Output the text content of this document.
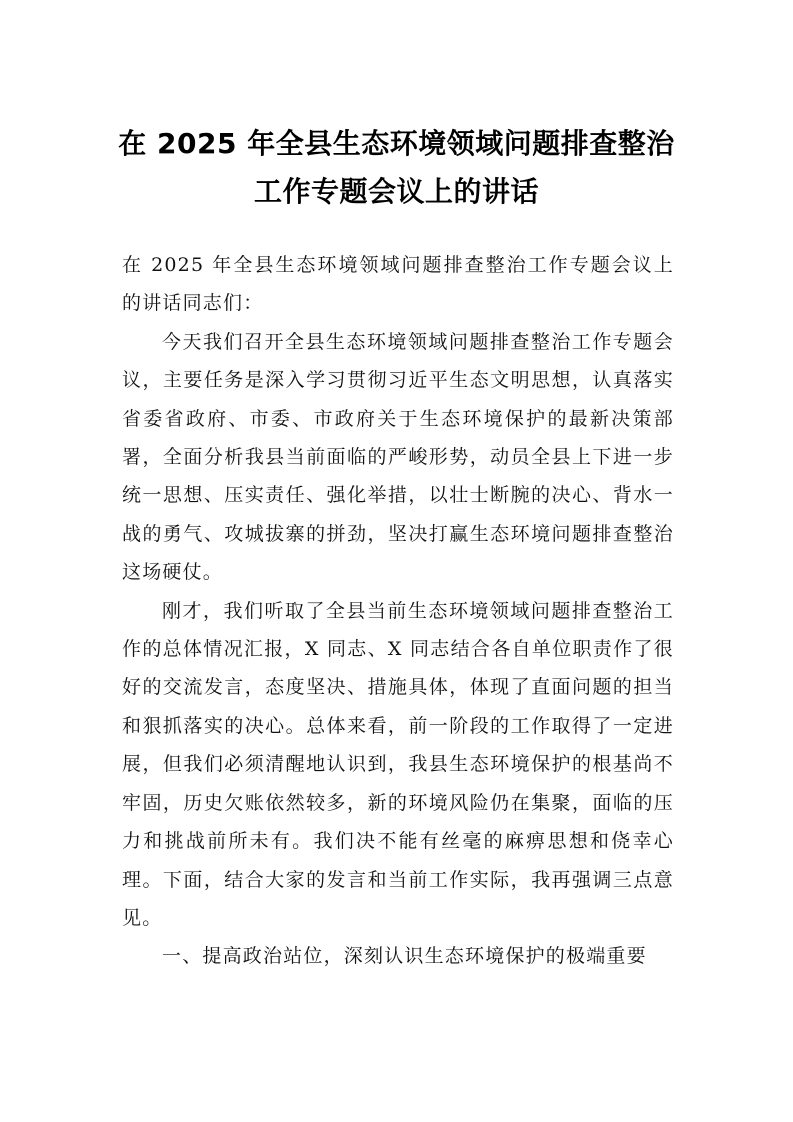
在 2025 年全县生态环境领域问题排查整治
工作专题会议上的讲话

在 2025 年全县生态环境领域问题排查整治工作专题会议上的讲话同志们：

今天我们召开全县生态环境领域问题排查整治工作专题会议，主要任务是深入学习贯彻习近平生态文明思想，认真落实省委省政府、市委、市政府关于生态环境保护的最新决策部署，全面分析我县当前面临的严峻形势，动员全县上下进一步统一思想、压实责任、强化举措，以壮士断腕的决心、背水一战的勇气、攻城拔寨的拼劲，坚决打赢生态环境问题排查整治这场硬仗。

刚才，我们听取了全县当前生态环境领域问题排查整治工作的总体情况汇报，X 同志、X 同志结合各自单位职责作了很好的交流发言，态度坚决、措施具体，体现了直面问题的担当和狠抓落实的决心。总体来看，前一阶段的工作取得了一定进展，但我们必须清醒地认识到，我县生态环境保护的根基尚不牢固，历史欠账依然较多，新的环境风险仍在集聚，面临的压力和挑战前所未有。我们决不能有丝毫的麻痹思想和侥幸心理。下面，结合大家的发言和当前工作实际，我再强调三点意见。

一、提高政治站位，深刻认识生态环境保护的极端重要
